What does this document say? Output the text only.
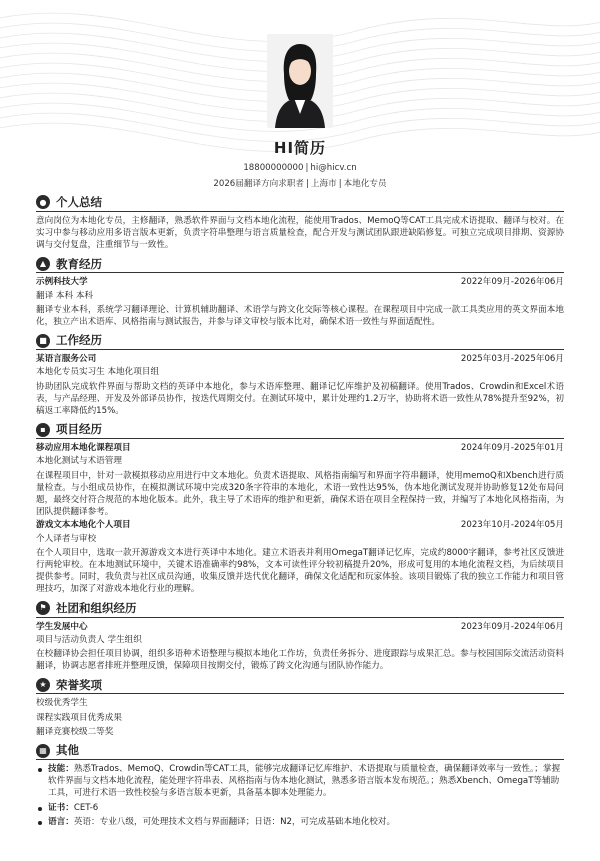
HI简历
18800000000 | hi@hicv.cn
2026届翻译方向求职者 | 上海市 | 本地化专员
● 个人总结
意向岗位为本地化专员，主修翻译，熟悉软件界面与文档本地化流程，能使用Trados、MemoQ等CAT工具完成术语提取、翻译与校对。在实习中参与移动应用多语言版本更新，负责字符串整理与语言质量检查，配合开发与测试团队跟进缺陷修复。可独立完成项目排期、资源协调与交付复盘，注重细节与一致性。
▲ 教育经历
示例科技大学	2022年09月-2026年06月
翻译 本科 本科
翻译专业本科，系统学习翻译理论、计算机辅助翻译、术语学与跨文化交际等核心课程。在课程项目中完成一款工具类应用的英文界面本地化，独立产出术语库、风格指南与测试报告，并参与译文审校与版本比对，确保术语一致性与界面适配性。
■ 工作经历
某语言服务公司	2025年03月-2025年06月
本地化专员实习生 本地化项目组
协助团队完成软件界面与帮助文档的英译中本地化，参与术语库整理、翻译记忆库维护及初稿翻译。使用Trados、Crowdin和Excel术语表，与产品经理、开发及外部译员协作，按迭代周期交付。在测试环境中，累计处理约1.2万字，协助将术语一致性从78%提升至92%，初稿返工率降低约15%。
▪ 项目经历
移动应用本地化课程项目	2024年09月-2025年01月
本地化测试与术语管理
在课程项目中，针对一款模拟移动应用进行中文本地化。负责术语提取、风格指南编写和界面字符串翻译，使用memoQ和Xbench进行质量检查。与小组成员协作，在模拟测试环境中完成320条字符串的本地化，术语一致性达95%，伪本地化测试发现并协助修复12处布局问题，最终交付符合规范的本地化版本。此外，我主导了术语库的维护和更新，确保术语在项目全程保持一致，并编写了本地化风格指南，为团队提供翻译参考。
游戏文本本地化个人项目	2023年10月-2024年05月
个人译者与审校
在个人项目中，选取一款开源游戏文本进行英译中本地化。建立术语表并利用OmegaT翻译记忆库，完成约8000字翻译，参考社区反馈进行两轮审校。在本地测试环境中，关键术语准确率约98%，文本可读性评分较初稿提升20%，形成可复用的本地化流程文档，为后续项目提供参考。同时，我负责与社区成员沟通，收集反馈并迭代优化翻译，确保文化适配和玩家体验。该项目锻炼了我的独立工作能力和项目管理技巧，加深了对游戏本地化行业的理解。
⚑ 社团和组织经历
学生发展中心	2023年09月-2024年06月
项目与活动负责人 学生组织
在校翻译协会担任项目协调，组织多语种术语整理与模拟本地化工作坊，负责任务拆分、进度跟踪与成果汇总。参与校园国际交流活动资料翻译，协调志愿者排班并整理反馈，保障项目按期交付，锻炼了跨文化沟通与团队协作能力。
★ 荣誉奖项
校级优秀学生
课程实践项目优秀成果
翻译竞赛校级二等奖
▦ 其他
技能：熟悉Trados、MemoQ、Crowdin等CAT工具，能够完成翻译记忆库维护、术语提取与质量检查，确保翻译效率与一致性。；掌握软件界面与文档本地化流程，能处理字符串表、风格指南与伪本地化测试，熟悉多语言版本发布规范。；熟悉Xbench、OmegaT等辅助工具，可进行术语一致性校验与多语言版本更新，具备基本脚本处理能力。
证书：CET-6
语言：英语：专业八级，可处理技术文档与界面翻译；日语：N2，可完成基础本地化校对。
